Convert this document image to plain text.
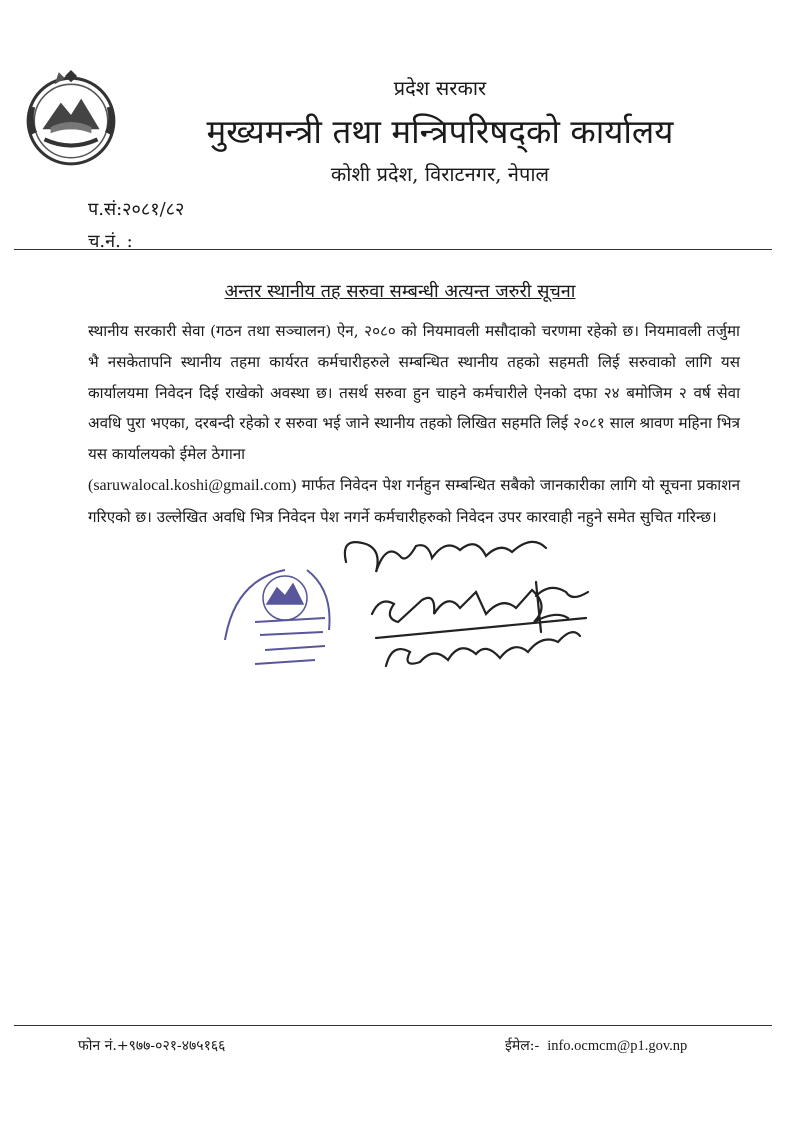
प्रदेश सरकार
मुख्यमन्त्री तथा मन्त्रिपरिषद्को कार्यालय
कोशी प्रदेश, विराटनगर, नेपाल
प.सं:२०८१/८२
च.नं. :
अन्तर स्थानीय तह सरुवा सम्बन्धी अत्यन्त जरुरी सूचना

स्थानीय सरकारी सेवा (गठन तथा सञ्चालन) ऐन, २०८० को नियमावली मसौदाको चरणमा रहेको छ। नियमावली तर्जुमा भै नसकेतापनि स्थानीय तहमा कार्यरत कर्मचारीहरुले सम्बन्धित स्थानीय तहको सहमती लिई सरुवाको लागि यस कार्यालयमा निवेदन दिई राखेको अवस्था छ। तसर्थ सरुवा हुन चाहने कर्मचारीले ऐनको दफा २४ बमोजिम २ वर्ष सेवा अवधि पुरा भएका, दरबन्दी रहेको र सरुवा भई जाने स्थानीय तहको लिखित सहमति लिई २०८१ साल श्रावण महिना भित्र यस कार्यालयको ईमेल ठेगाना
(saruwalocal.koshi@gmail.com) मार्फत निवेदन पेश गर्नहुन सम्बन्धित सबैको जानकारीका लागि यो सूचना प्रकाशन गरिएको छ। उल्लेखित अवधि भित्र निवेदन पेश नगर्ने कर्मचारीहरुको निवेदन उपर कारवाही नहुने समेत सुचित गरिन्छ।

फोन नं.+९७७-०२१-४७५१६६	ईमेल:- info.ocmcm@p1.gov.np
